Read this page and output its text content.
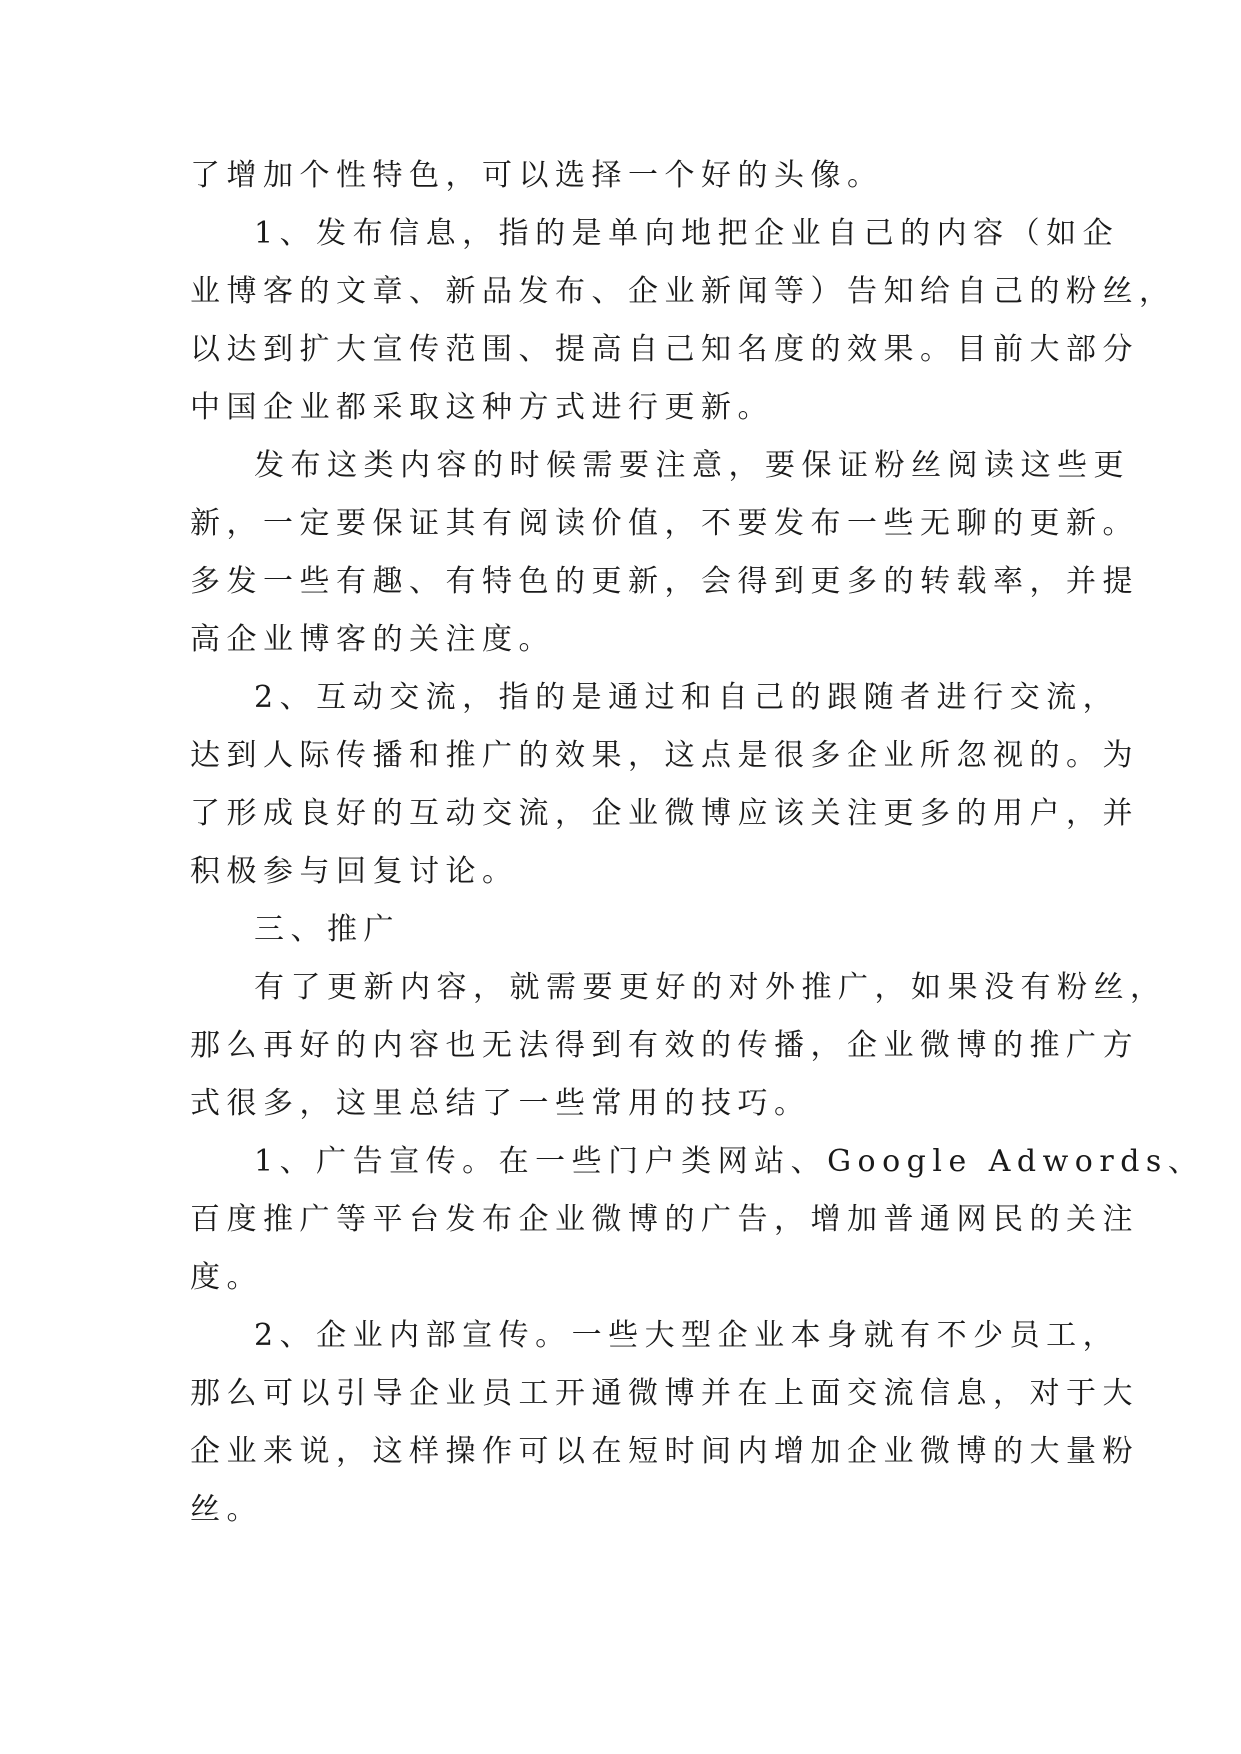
了增加个性特色，可以选择一个好的头像。
1、发布信息，指的是单向地把企业自己的内容（如企
业博客的文章、新品发布、企业新闻等）告知给自己的粉丝，
以达到扩大宣传范围、提高自己知名度的效果。目前大部分
中国企业都采取这种方式进行更新。
发布这类内容的时候需要注意，要保证粉丝阅读这些更
新，一定要保证其有阅读价值，不要发布一些无聊的更新。
多发一些有趣、有特色的更新，会得到更多的转载率，并提
高企业博客的关注度。
2、互动交流，指的是通过和自己的跟随者进行交流，
达到人际传播和推广的效果，这点是很多企业所忽视的。为
了形成良好的互动交流，企业微博应该关注更多的用户，并
积极参与回复讨论。
三、推广
有了更新内容，就需要更好的对外推广，如果没有粉丝，
那么再好的内容也无法得到有效的传播，企业微博的推广方
式很多，这里总结了一些常用的技巧。
1、广告宣传。在一些门户类网站、Google Adwords、
百度推广等平台发布企业微博的广告，增加普通网民的关注
度。
2、企业内部宣传。一些大型企业本身就有不少员工，
那么可以引导企业员工开通微博并在上面交流信息，对于大
企业来说，这样操作可以在短时间内增加企业微博的大量粉
丝。
